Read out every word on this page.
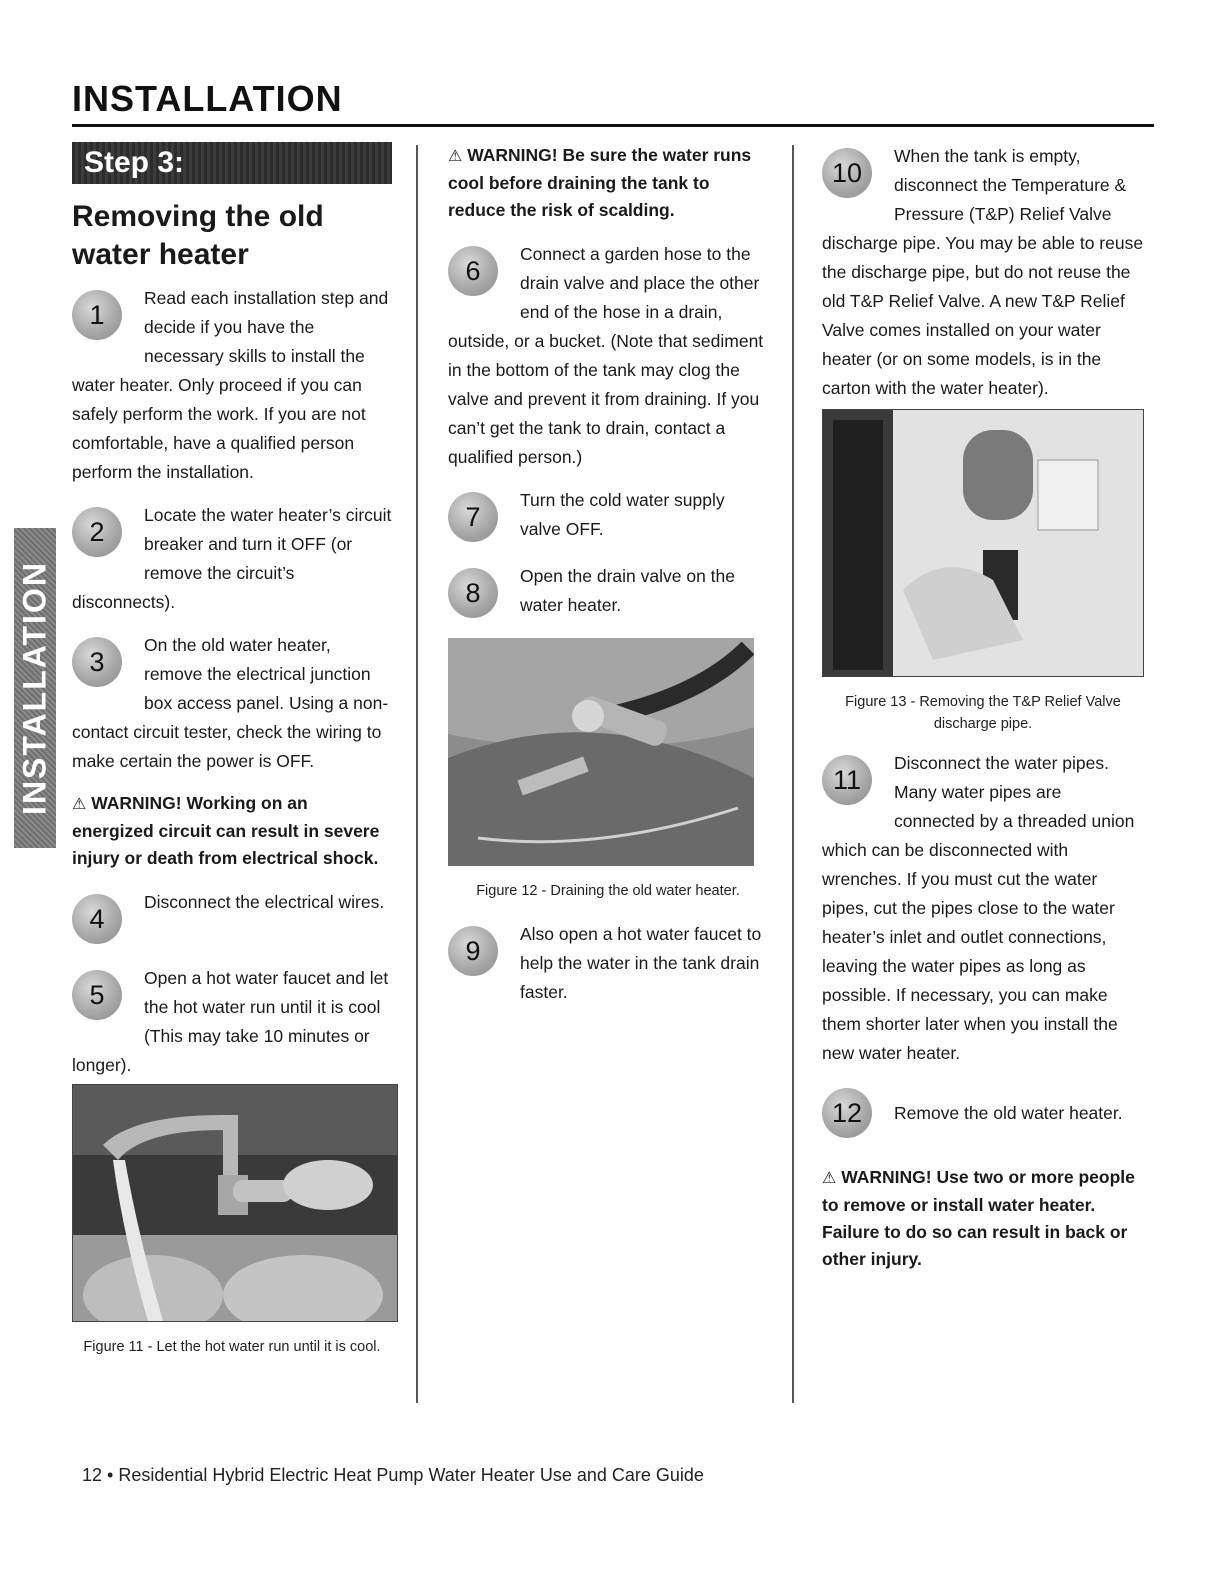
INSTALLATION
INSTALLATION
Step 3:
Removing the old water heater
1

Read each installation step and decide if you have the necessary skills to install the water heater. Only proceed if you can safely perform the work. If you are not comfortable, have a qualified person perform the installation.

2

Locate the water heater’s circuit breaker and turn it OFF (or remove the circuit’s disconnects).

3

On the old water heater, remove the electrical junction box access panel. Using a non-contact circuit tester, check the wiring to make certain the power is OFF.

⚠ WARNING! Working on an energized circuit can result in severe injury or death from electrical shock.

4

Disconnect the electrical wires.

5

Open a hot water faucet and let the hot water run until it is cool (This may take 10 minutes or longer).

Figure 11 - Let the hot water run until it is cool.

⚠ WARNING! Be sure the water runs cool before draining the tank to reduce the risk of scalding.

6

Connect a garden hose to the drain valve and place the other end of the hose in a drain, outside, or a bucket. (Note that sediment in the bottom of the tank may clog the valve and prevent it from draining. If you can’t get the tank to drain, contact a qualified person.)

7

Turn the cold water supply valve OFF.

8

Open the drain valve on the water heater.

Figure 12 - Draining the old water heater.
9

Also open a hot water faucet to help the water in the tank drain faster.

10

When the tank is empty, disconnect the Temperature & Pressure (T&P) Relief Valve discharge pipe. You may be able to reuse the discharge pipe, but do not reuse the old T&P Relief Valve. A new T&P Relief Valve comes installed on your water heater (or on some models, is in the carton with the water heater).

Figure 13 - Removing the T&P Relief Valve discharge pipe.
11

Disconnect the water pipes. Many water pipes are connected by a threaded union which can be disconnected with wrenches. If you must cut the water pipes, cut the pipes close to the water heater’s inlet and outlet connections, leaving the water pipes as long as possible. If necessary, you can make them shorter later when you install the new water heater.

12	Remove the old water heater.

⚠ WARNING! Use two or more people to remove or install water heater. Failure to do so can result in back or other injury.

12 • Residential Hybrid Electric Heat Pump Water Heater Use and Care Guide
